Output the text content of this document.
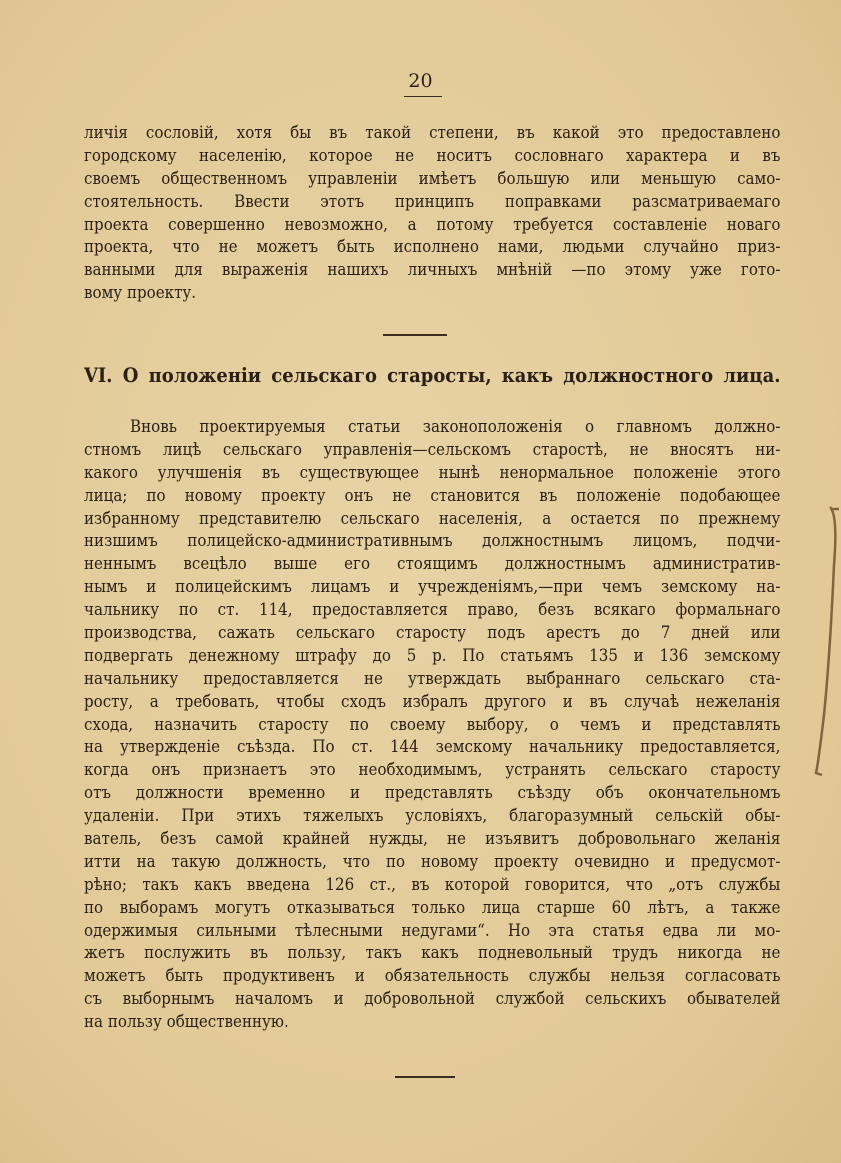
20
личія сословій, хотя бы въ такой степени, въ какой это предоставлено
городскому населенію, которое не носитъ сословнаго характера и въ
своемъ общественномъ управленіи имѣетъ большую или меньшую само-
стоятельность. Ввести этотъ принципъ поправками разсматриваемаго
проекта совершенно невозможно, а потому требуется составленіе новаго
проекта, что не можетъ быть исполнено нами, людьми случайно приз-
ванными для выраженія нашихъ личныхъ мнѣній —по этому уже гото-
вому проекту.
VI. О положеніи сельскаго старосты, какъ должностного лица.
Вновь проектируемыя статьи законоположенія о главномъ должно-
стномъ лицѣ сельскаго управленія—сельскомъ старостѣ, не вносятъ ни-
какого улучшенія въ существующее нынѣ ненормальное положеніе этого
лица; по новому проекту онъ не становится въ положеніе подобающее
избранному представителю сельскаго населенія, а остается по прежнему
низшимъ полицейско-административнымъ должностнымъ лицомъ, подчи-
неннымъ всецѣло выше его стоящимъ должностнымъ административ-
нымъ и полицейскимъ лицамъ и учрежденіямъ,—при чемъ земскому на-
чальнику по ст. 114, предоставляется право, безъ всякаго формальнаго
производства, сажать сельскаго старосту подъ арестъ до 7 дней или
подвергать денежному штрафу до 5 р. По статьямъ 135 и 136 земскому
начальнику предоставляется не утверждать выбраннаго сельскаго ста-
росту, а требовать, чтобы сходъ избралъ другого и въ случаѣ нежеланія
схода, назначить старосту по своему выбору, о чемъ и представлять
на утвержденіе съѣзда. По ст. 144 земскому начальнику предоставляется,
когда онъ признаетъ это необходимымъ, устранять сельскаго старосту
отъ должности временно и представлять съѣзду объ окончательномъ
удаленіи. При этихъ тяжелыхъ условіяхъ, благоразумный сельскій обы-
ватель, безъ самой крайней нужды, не изъявитъ добровольнаго желанія
итти на такую должность, что по новому проекту очевидно и предусмот-
рѣно; такъ какъ введена 126 ст., въ которой говорится, что „отъ службы
по выборамъ могутъ отказываться только лица старше 60 лѣтъ, а также
одержимыя сильными тѣлесными недугами“. Но эта статья едва ли мо-
жетъ послужить въ пользу, такъ какъ подневольный трудъ никогда не
можетъ быть продуктивенъ и обязательность службы нельзя согласовать
съ выборнымъ началомъ и добровольной службой сельскихъ обывателей
на пользу общественную.
